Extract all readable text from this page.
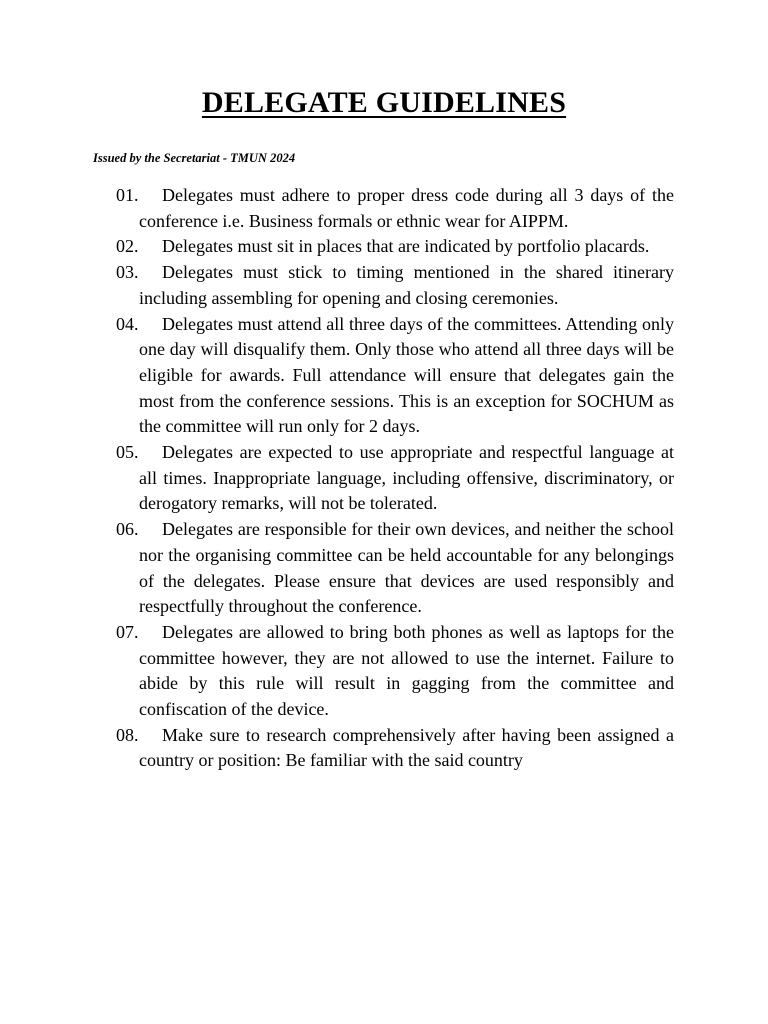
DELEGATE GUIDELINES

Issued by the Secretariat - TMUN 2024

01. Delegates must adhere to proper dress code during all 3 days of the conference i.e. Business formals or ethnic wear for AIPPM.
02. Delegates must sit in places that are indicated by portfolio placards.
03. Delegates must stick to timing mentioned in the shared itinerary including assembling for opening and closing ceremonies.
04. Delegates must attend all three days of the committees. Attending only one day will disqualify them. Only those who attend all three days will be eligible for awards. Full attendance will ensure that delegates gain the most from the conference sessions. This is an exception for SOCHUM as the committee will run only for 2 days.
05. Delegates are expected to use appropriate and respectful language at all times. Inappropriate language, including offensive, discriminatory, or derogatory remarks, will not be tolerated.
06. Delegates are responsible for their own devices, and neither the school nor the organising committee can be held accountable for any belongings of the delegates. Please ensure that devices are used responsibly and respectfully throughout the conference.
07. Delegates are allowed to bring both phones as well as laptops for the committee however, they are not allowed to use the internet. Failure to abide by this rule will result in gagging from the committee and confiscation of the device.
08. Make sure to research comprehensively after having been assigned a country or position: Be familiar with the said country
